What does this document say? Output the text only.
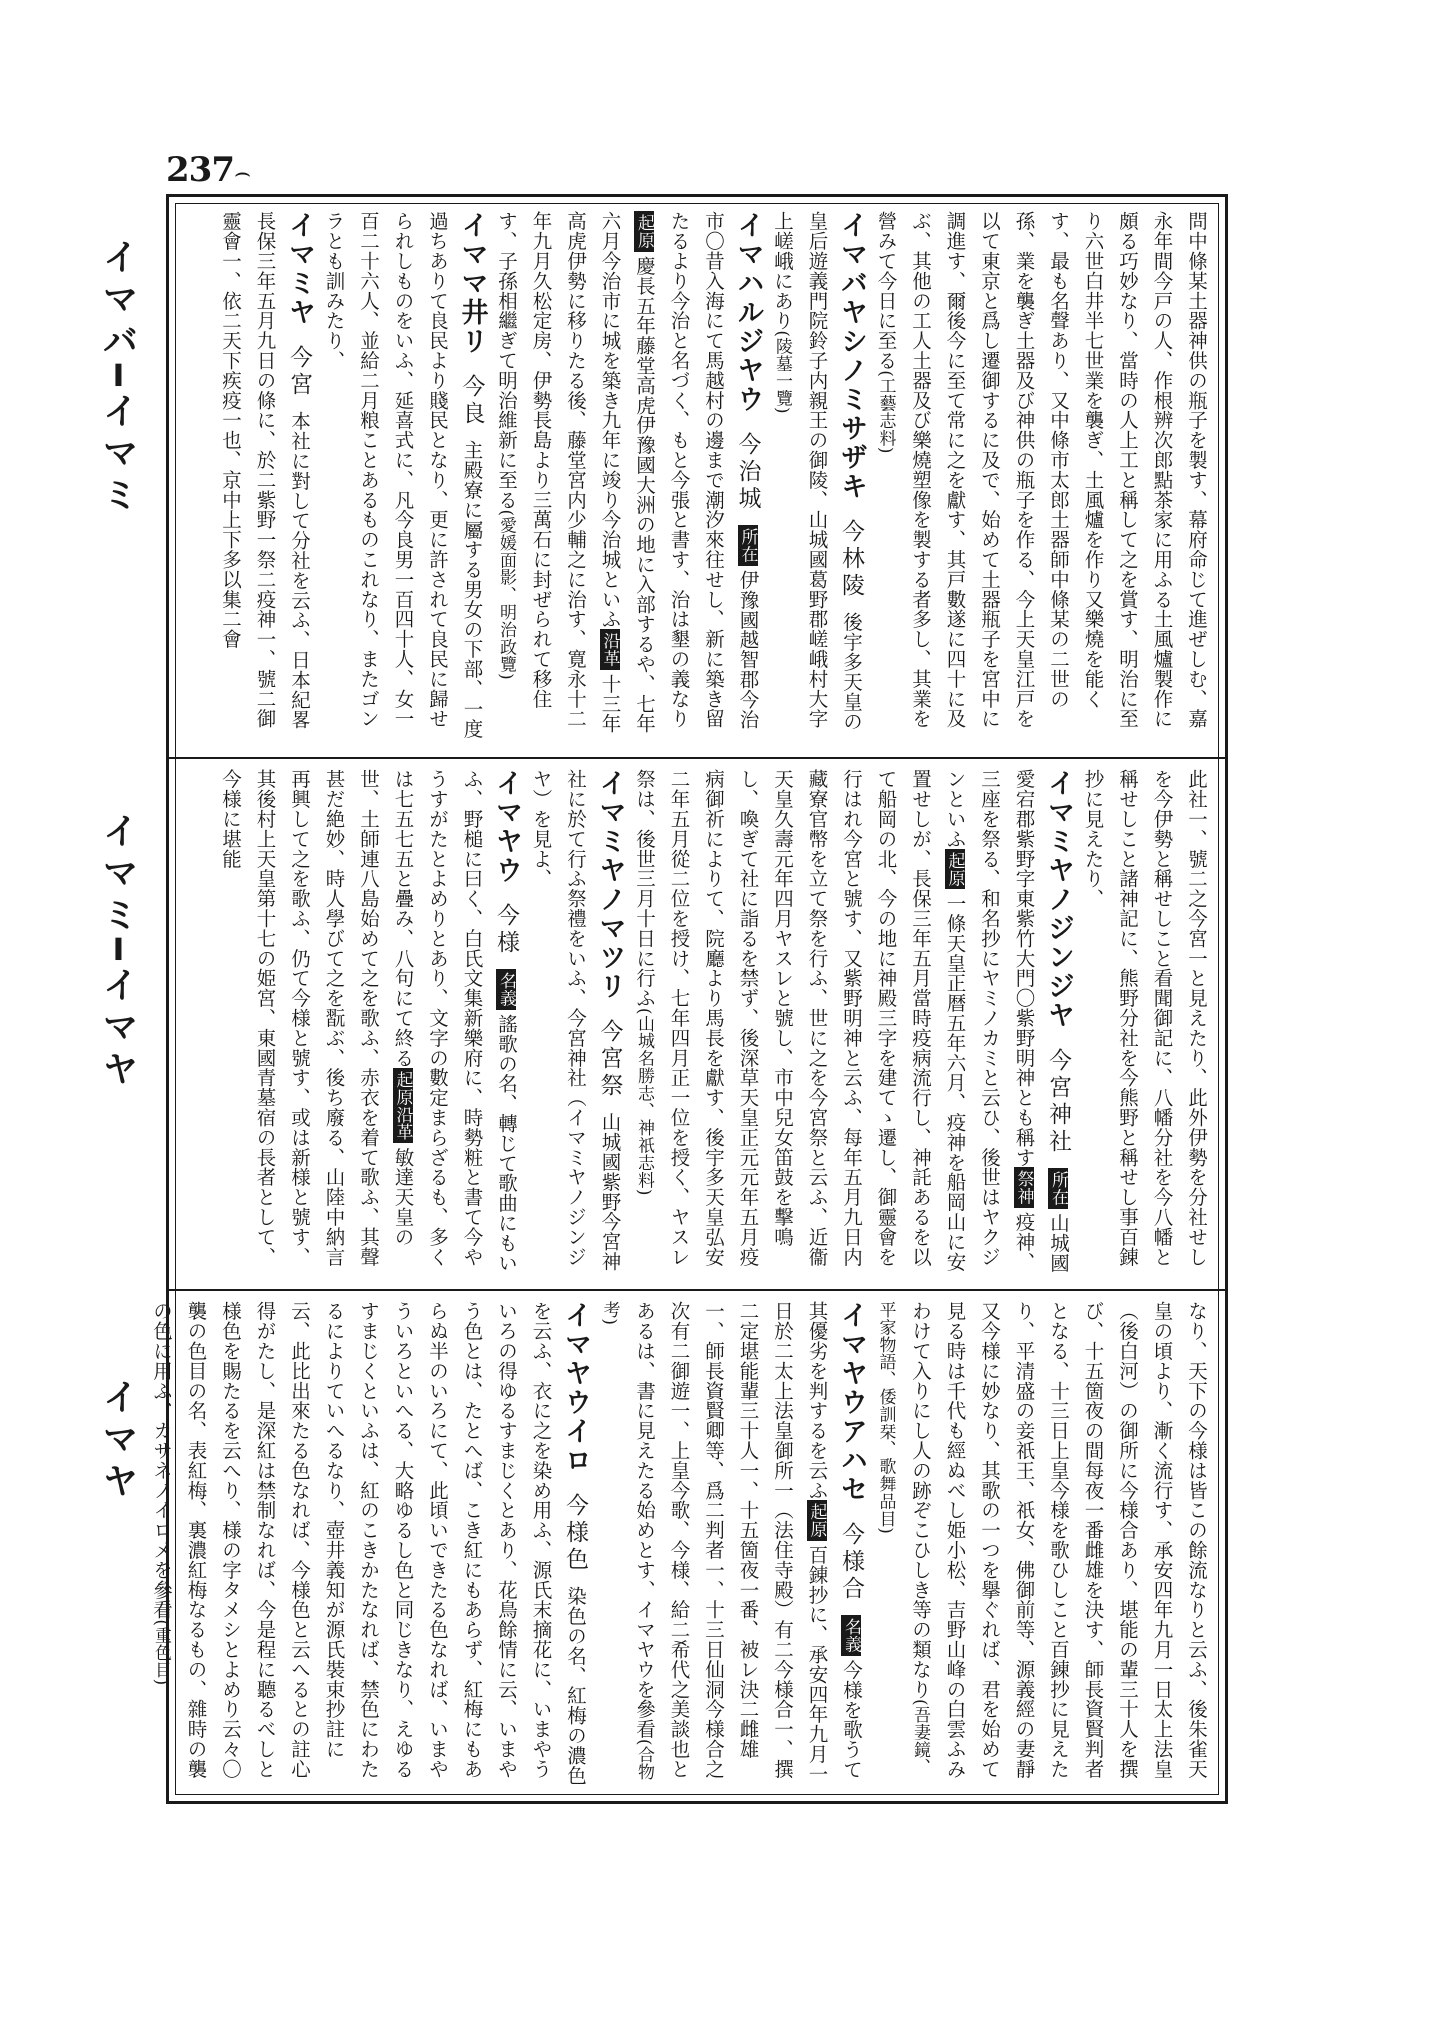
237⌢
イマバ━イマミ
イマミ━イマヤ
イマヤ
問中條某土器神供の瓶子を製す、幕府命じて進ぜしむ、嘉永年間今戸の人、作根辨次郎點茶家に用ふる土風爐製作に頗る巧妙なり、當時の人上工と稱して之を賞す、明治に至り六世白井半七世業を襲ぎ、土風爐を作り又樂燒を能くす、最も名聲あり、又中條市太郎土器師中條某の二世の孫、業を襲ぎ土器及び神供の瓶子を作る、今上天皇江戸を以て東京と爲し遷御するに及で、始めて土器瓶子を宮中に調進す、爾後今に至て常に之を獻す、其戸數遂に四十に及ぶ、其他の工人土器及び樂燒塑像を製する者多し、其業を營みて今日に至る(工藝志料)
イマバヤシノミサザキ今林陵後宇多天皇の皇后遊義門院鈴子内親王の御陵、山城國葛野郡嵯峨村大字上嵯峨にあり(陵墓一覽)
イマハルジヤウ今治城所在伊豫國越智郡今治市〇昔入海にて馬越村の邊まで潮汐來往せし、新に築き留たるより今治と名づく、もと今張と書す、治は墾の義なり起原慶長五年藤堂高虎伊豫國大洲の地に入部するや、七年六月今治市に城を築き九年に竣り今治城といふ沿革十三年高虎伊勢に移りたる後、藤堂宮内少輔之に治す、寛永十二年九月久松定房、伊勢長島より三萬石に封ぜられて移住す、子孫相繼ぎて明治維新に至る(愛媛面影、明治政覽)
イママ井リ今良主殿寮に屬する男女の下部、一度過ちありて良民より賤民となり、更に許されて良民に歸せられしものをいふ、延喜式に、凡今良男一百四十人、女一百二十六人、並給二月粮ことあるものこれなり、またゴンラとも訓みたり、
イマミヤ今宮本社に對して分社を云ふ、日本紀畧長保三年五月九日の條に、於二紫野一祭二疫神一、號二御靈會一、依二天下疾疫一也、京中上下多以集二會
此社一、號二之今宮一と見えたり、此外伊勢を分社せしを今伊勢と稱せしこと看聞御記に、八幡分社を今八幡と稱せしこと諸神記に、熊野分社を今熊野と稱せし事百錬抄に見えたり、
イマミヤノジンジヤ今宮神社所在山城國愛宕郡紫野字東紫竹大門〇紫野明神とも稱す祭神疫神、三座を祭る、和名抄にヤミノカミと云ひ、後世はヤクジンといふ起原一條天皇正暦五年六月、疫神を船岡山に安置せしが、長保三年五月當時疫病流行し、神託あるを以て船岡の北、今の地に神殿三字を建てゝ遷し、御靈會を行はれ今宮と號す、又紫野明神と云ふ、每年五月九日内藏寮官幣を立て祭を行ふ、世に之を今宮祭と云ふ、近衞天皇久壽元年四月ヤスレと號し、市中兒女笛鼓を擊鳴し、喚ぎて社に詣るを禁ず、後深草天皇正元元年五月疫病御祈によりて、院廳より馬長を獻す、後宇多天皇弘安二年五月從二位を授け、七年四月正一位を授く、ヤスレ祭は、後世三月十日に行ふ(山城名勝志、神祇志料)
イマミヤノマツリ今宮祭山城國紫野今宮神社に於て行ふ祭禮をいふ、今宮神社（イマミヤノジンジヤ）を見よ、
イマヤウ今様名義謠歌の名、轉じて歌曲にもいふ、野槌に曰く、白氏文集新樂府に、時勢粧と書て今やうすがたとよめりとあり、文字の數定まらざるも、多くは七五七五と疊み、八句にて終る起原沿革敏達天皇の世、土師連八島始めて之を歌ふ、赤衣を着て歌ふ、其聲甚だ絶妙、時人學びて之を翫ぶ、後ち廢る、山陸中納言再興して之を歌ふ、仍て今様と號す、或は新様と號す、其後村上天皇第十七の姫宮、東國青墓宿の長者として、今様に堪能
なり、天下の今様は皆この餘流なりと云ふ、後朱雀天皇の頃より、漸く流行す、承安四年九月一日太上法皇（後白河）の御所に今様合あり、堪能の輩三十人を撰び、十五箇夜の間每夜一番雌雄を決す、師長資賢判者となる、十三日上皇今様を歌ひしこと百錬抄に見えたり、平清盛の妾祇王、祇女、佛御前等、源義經の妻靜又今様に妙なり、其歌の一つを擧ぐれば、君を始めて見る時は千代も經ぬべし姫小松、吉野山峰の白雲ふみわけて入りにし人の跡ぞこひしき等の類なり(吾妻鏡、平家物語、倭訓栞、歌舞品目)
イマヤウアハセ今様合名義今様を歌うて其優劣を判するを云ふ起原百錬抄に、承安四年九月一日於二太上法皇御所一（法住寺殿）有二今様合一、撰二定堪能輩三十人一、十五箇夜一番、被レ決二雌雄一、師長資賢卿等、爲二判者一、十三日仙洞今様合之次有二御遊一、上皇今歌、今様、給二希代之美談也とあるは、書に見えたる始めとす、イマヤウを參看(合物考)
イマヤウイロ今様色染色の名、紅梅の濃色を云ふ、衣に之を染め用ふ、源氏末摘花に、いまやういろの得ゆるすまじくとあり、花鳥餘情に云、いまやう色とは、たとへば、こき紅にもあらず、紅梅にもあらぬ半のいろにて、此頃いできたる色なれば、いまやういろといへる、大略ゆるし色と同じきなり、えゆるすまじくといふは、紅のこきかたなれば、禁色にわたるによりていへるなり、壺井義知が源氏裝束抄註に云、此比出來たる色なれば、今様色と云へるとの註心得がたし、是深紅は禁制なれば、今是程に聽るべしと様色を賜たるを云へり、様の字タメシとよめり云々〇襲の色目の名、表紅梅、裏濃紅梅なるもの、雜時の襲の色に用ふ、カサネノイロメを參看(重色目)
